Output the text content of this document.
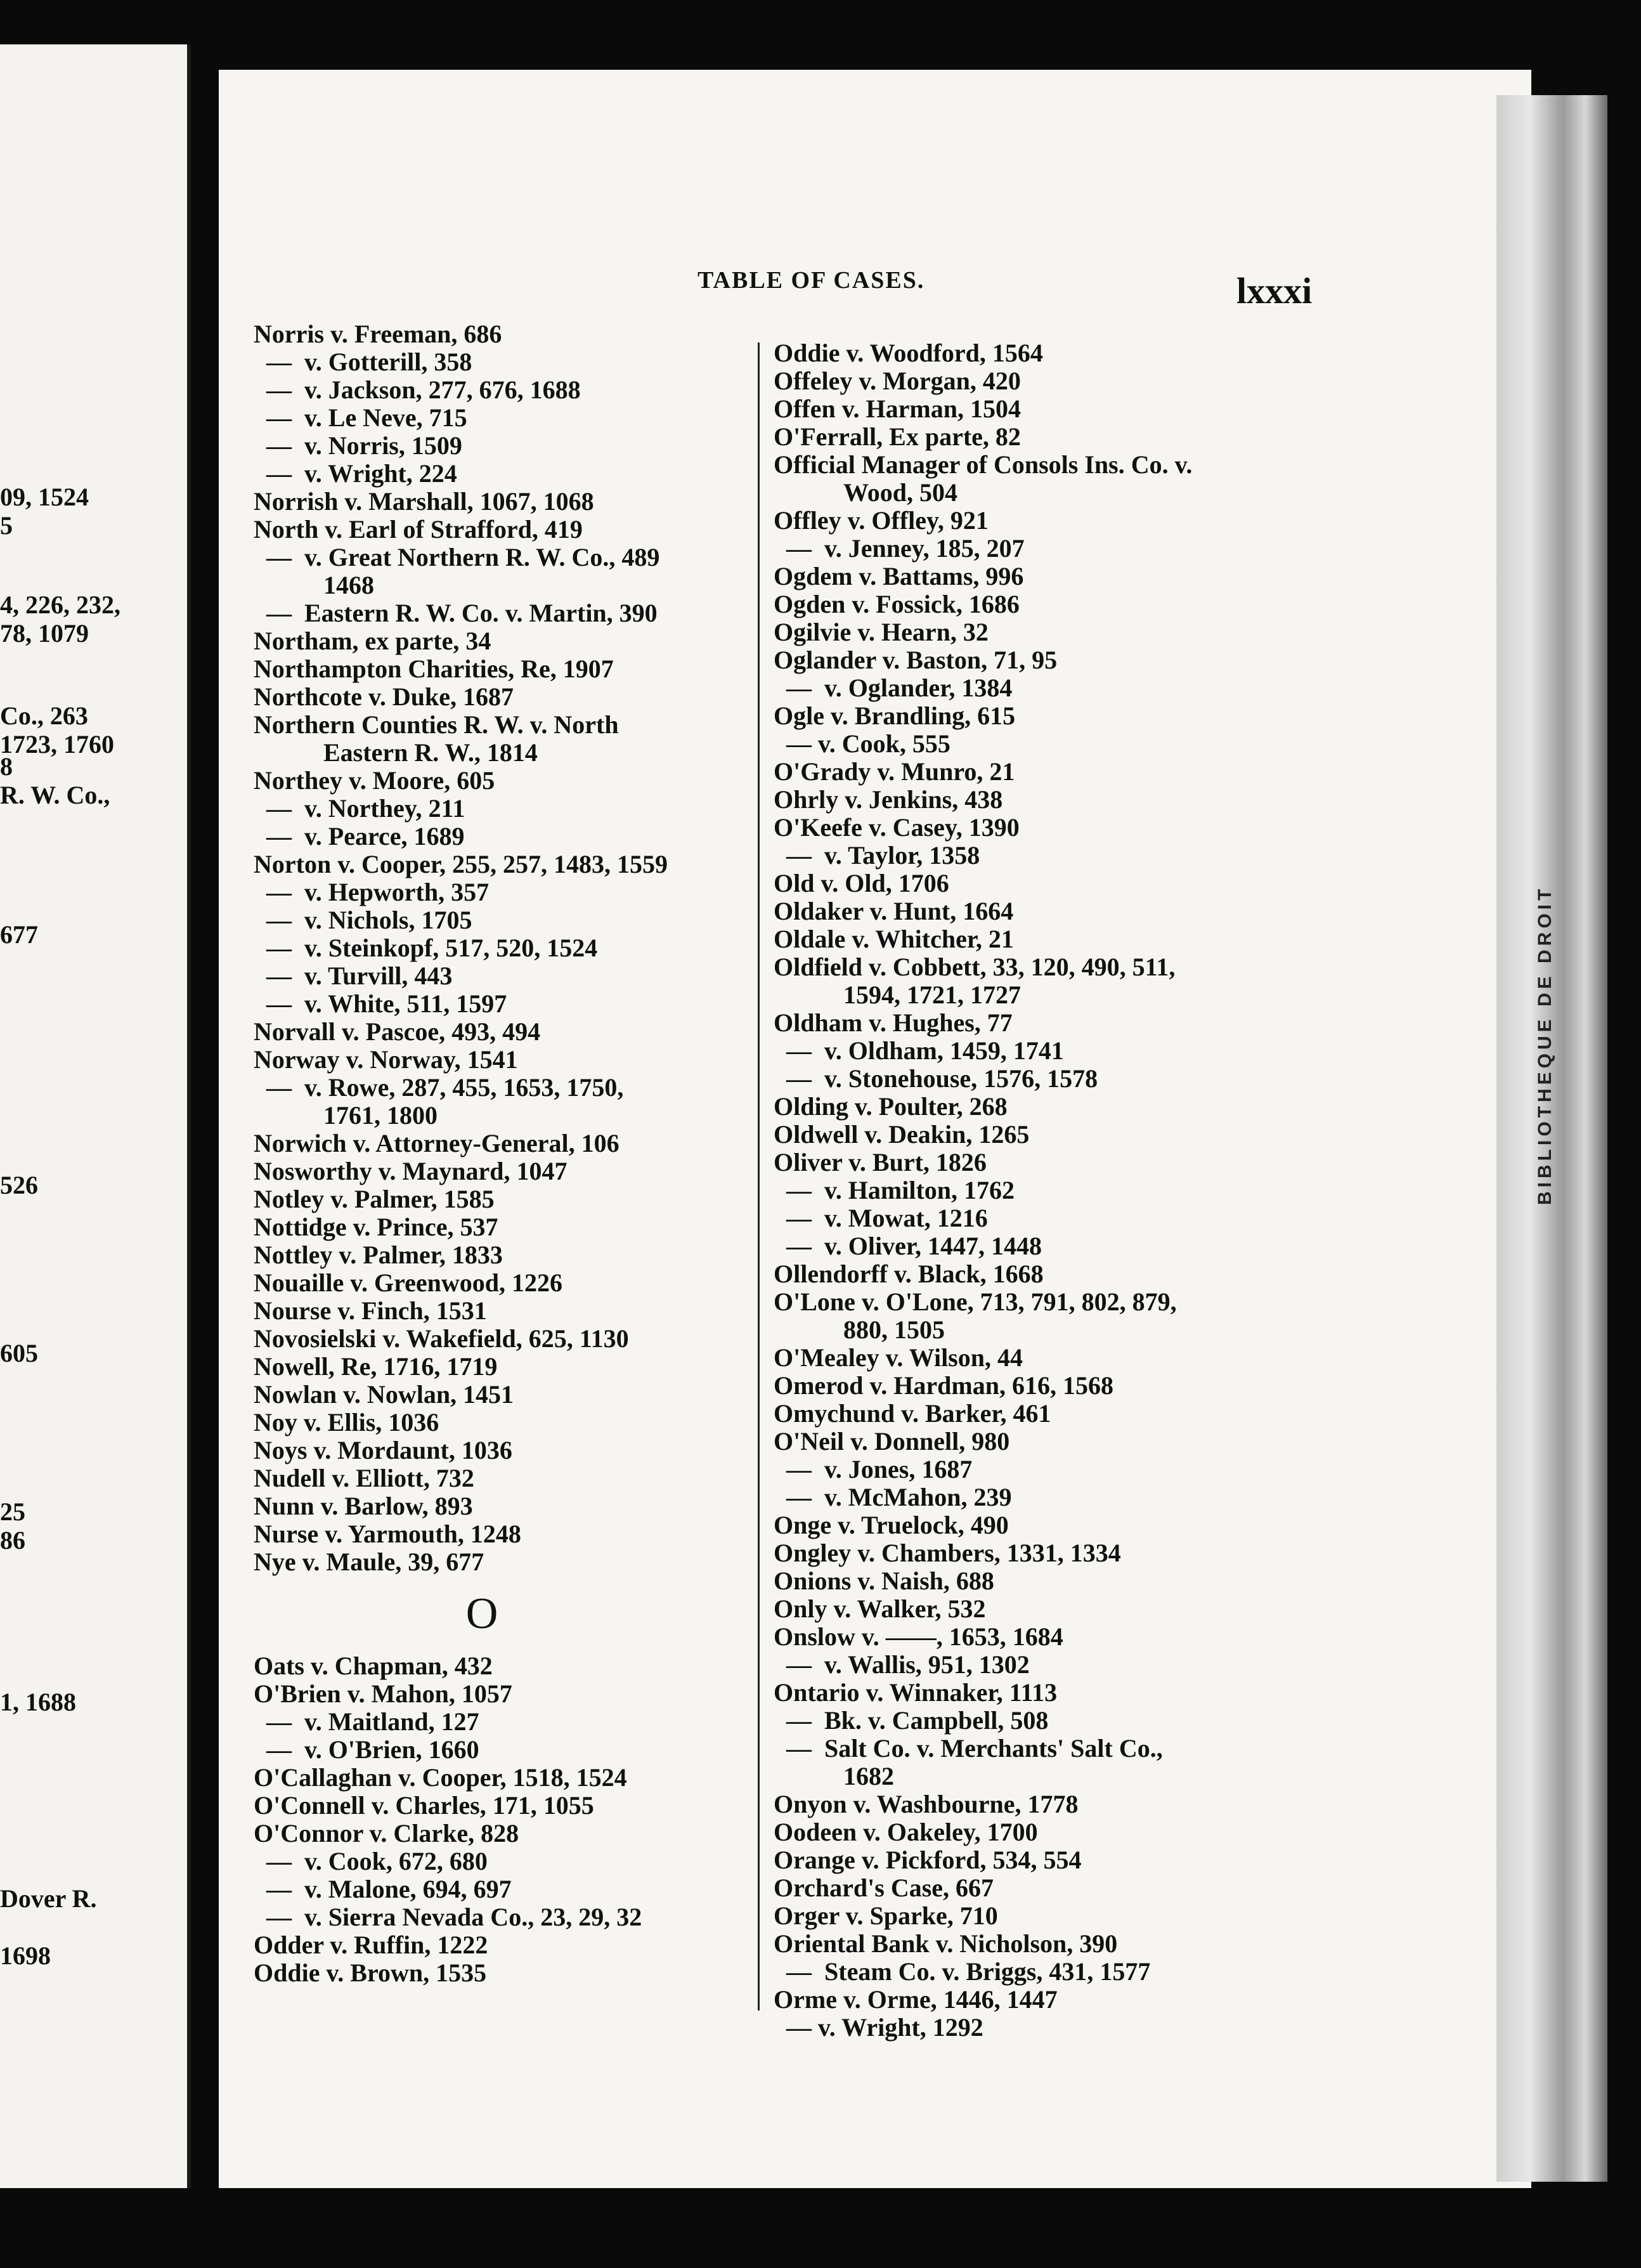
09, 1524
5
4, 226, 232,
78, 1079
Co., 263
1723, 1760
8
R. W. Co.,
677
526
605
25
86
1, 1688
Dover R.
1698
BIBLIOTHEQUE DE DROIT
TABLE OF CASES.	lxxxi
Norris v. Freeman, 686
—  v. Gotterill, 358
—  v. Jackson, 277, 676, 1688
—  v. Le Neve, 715
—  v. Norris, 1509
—  v. Wright, 224
Norrish v. Marshall, 1067, 1068
North v. Earl of Strafford, 419
—  v. Great Northern R. W. Co., 489
1468
—  Eastern R. W. Co. v. Martin, 390
Northam, ex parte, 34
Northampton Charities, Re, 1907
Northcote v. Duke, 1687
Northern Counties R. W. v. North
Eastern R. W., 1814
Northey v. Moore, 605
—  v. Northey, 211
—  v. Pearce, 1689
Norton v. Cooper, 255, 257, 1483, 1559
—  v. Hepworth, 357
—  v. Nichols, 1705
—  v. Steinkopf, 517, 520, 1524
—  v. Turvill, 443
—  v. White, 511, 1597
Norvall v. Pascoe, 493, 494
Norway v. Norway, 1541
—  v. Rowe, 287, 455, 1653, 1750,
1761, 1800
Norwich v. Attorney-General, 106
Nosworthy v. Maynard, 1047
Notley v. Palmer, 1585
Nottidge v. Prince, 537
Nottley v. Palmer, 1833
Nouaille v. Greenwood, 1226
Nourse v. Finch, 1531
Novosielski v. Wakefield, 625, 1130
Nowell, Re, 1716, 1719
Nowlan v. Nowlan, 1451
Noy v. Ellis, 1036
Noys v. Mordaunt, 1036
Nudell v. Elliott, 732
Nunn v. Barlow, 893
Nurse v. Yarmouth, 1248
Nye v. Maule, 39, 677
O
Oats v. Chapman, 432
O'Brien v. Mahon, 1057
—  v. Maitland, 127
—  v. O'Brien, 1660
O'Callaghan v. Cooper, 1518, 1524
O'Connell v. Charles, 171, 1055
O'Connor v. Clarke, 828
—  v. Cook, 672, 680
—  v. Malone, 694, 697
—  v. Sierra Nevada Co., 23, 29, 32
Odder v. Ruffin, 1222
Oddie v. Brown, 1535
Oddie v. Woodford, 1564
Offeley v. Morgan, 420
Offen v. Harman, 1504
O'Ferrall, Ex parte, 82
Official Manager of Consols Ins. Co. v.
Wood, 504
Offley v. Offley, 921
—  v. Jenney, 185, 207
Ogdem v. Battams, 996
Ogden v. Fossick, 1686
Ogilvie v. Hearn, 32
Oglander v. Baston, 71, 95
—  v. Oglander, 1384
Ogle v. Brandling, 615
— v. Cook, 555
O'Grady v. Munro, 21
Ohrly v. Jenkins, 438
O'Keefe v. Casey, 1390
—  v. Taylor, 1358
Old v. Old, 1706
Oldaker v. Hunt, 1664
Oldale v. Whitcher, 21
Oldfield v. Cobbett, 33, 120, 490, 511,
1594, 1721, 1727
Oldham v. Hughes, 77
—  v. Oldham, 1459, 1741
—  v. Stonehouse, 1576, 1578
Olding v. Poulter, 268
Oldwell v. Deakin, 1265
Oliver v. Burt, 1826
—  v. Hamilton, 1762
—  v. Mowat, 1216
—  v. Oliver, 1447, 1448
Ollendorff v. Black, 1668
O'Lone v. O'Lone, 713, 791, 802, 879,
880, 1505
O'Mealey v. Wilson, 44
Omerod v. Hardman, 616, 1568
Omychund v. Barker, 461
O'Neil v. Donnell, 980
—  v. Jones, 1687
—  v. McMahon, 239
Onge v. Truelock, 490
Ongley v. Chambers, 1331, 1334
Onions v. Naish, 688
Only v. Walker, 532
Onslow v. ——, 1653, 1684
—  v. Wallis, 951, 1302
Ontario v. Winnaker, 1113
—  Bk. v. Campbell, 508
—  Salt Co. v. Merchants' Salt Co.,
1682
Onyon v. Washbourne, 1778
Oodeen v. Oakeley, 1700
Orange v. Pickford, 534, 554
Orchard's Case, 667
Orger v. Sparke, 710
Oriental Bank v. Nicholson, 390
—  Steam Co. v. Briggs, 431, 1577
Orme v. Orme, 1446, 1447
— v. Wright, 1292
